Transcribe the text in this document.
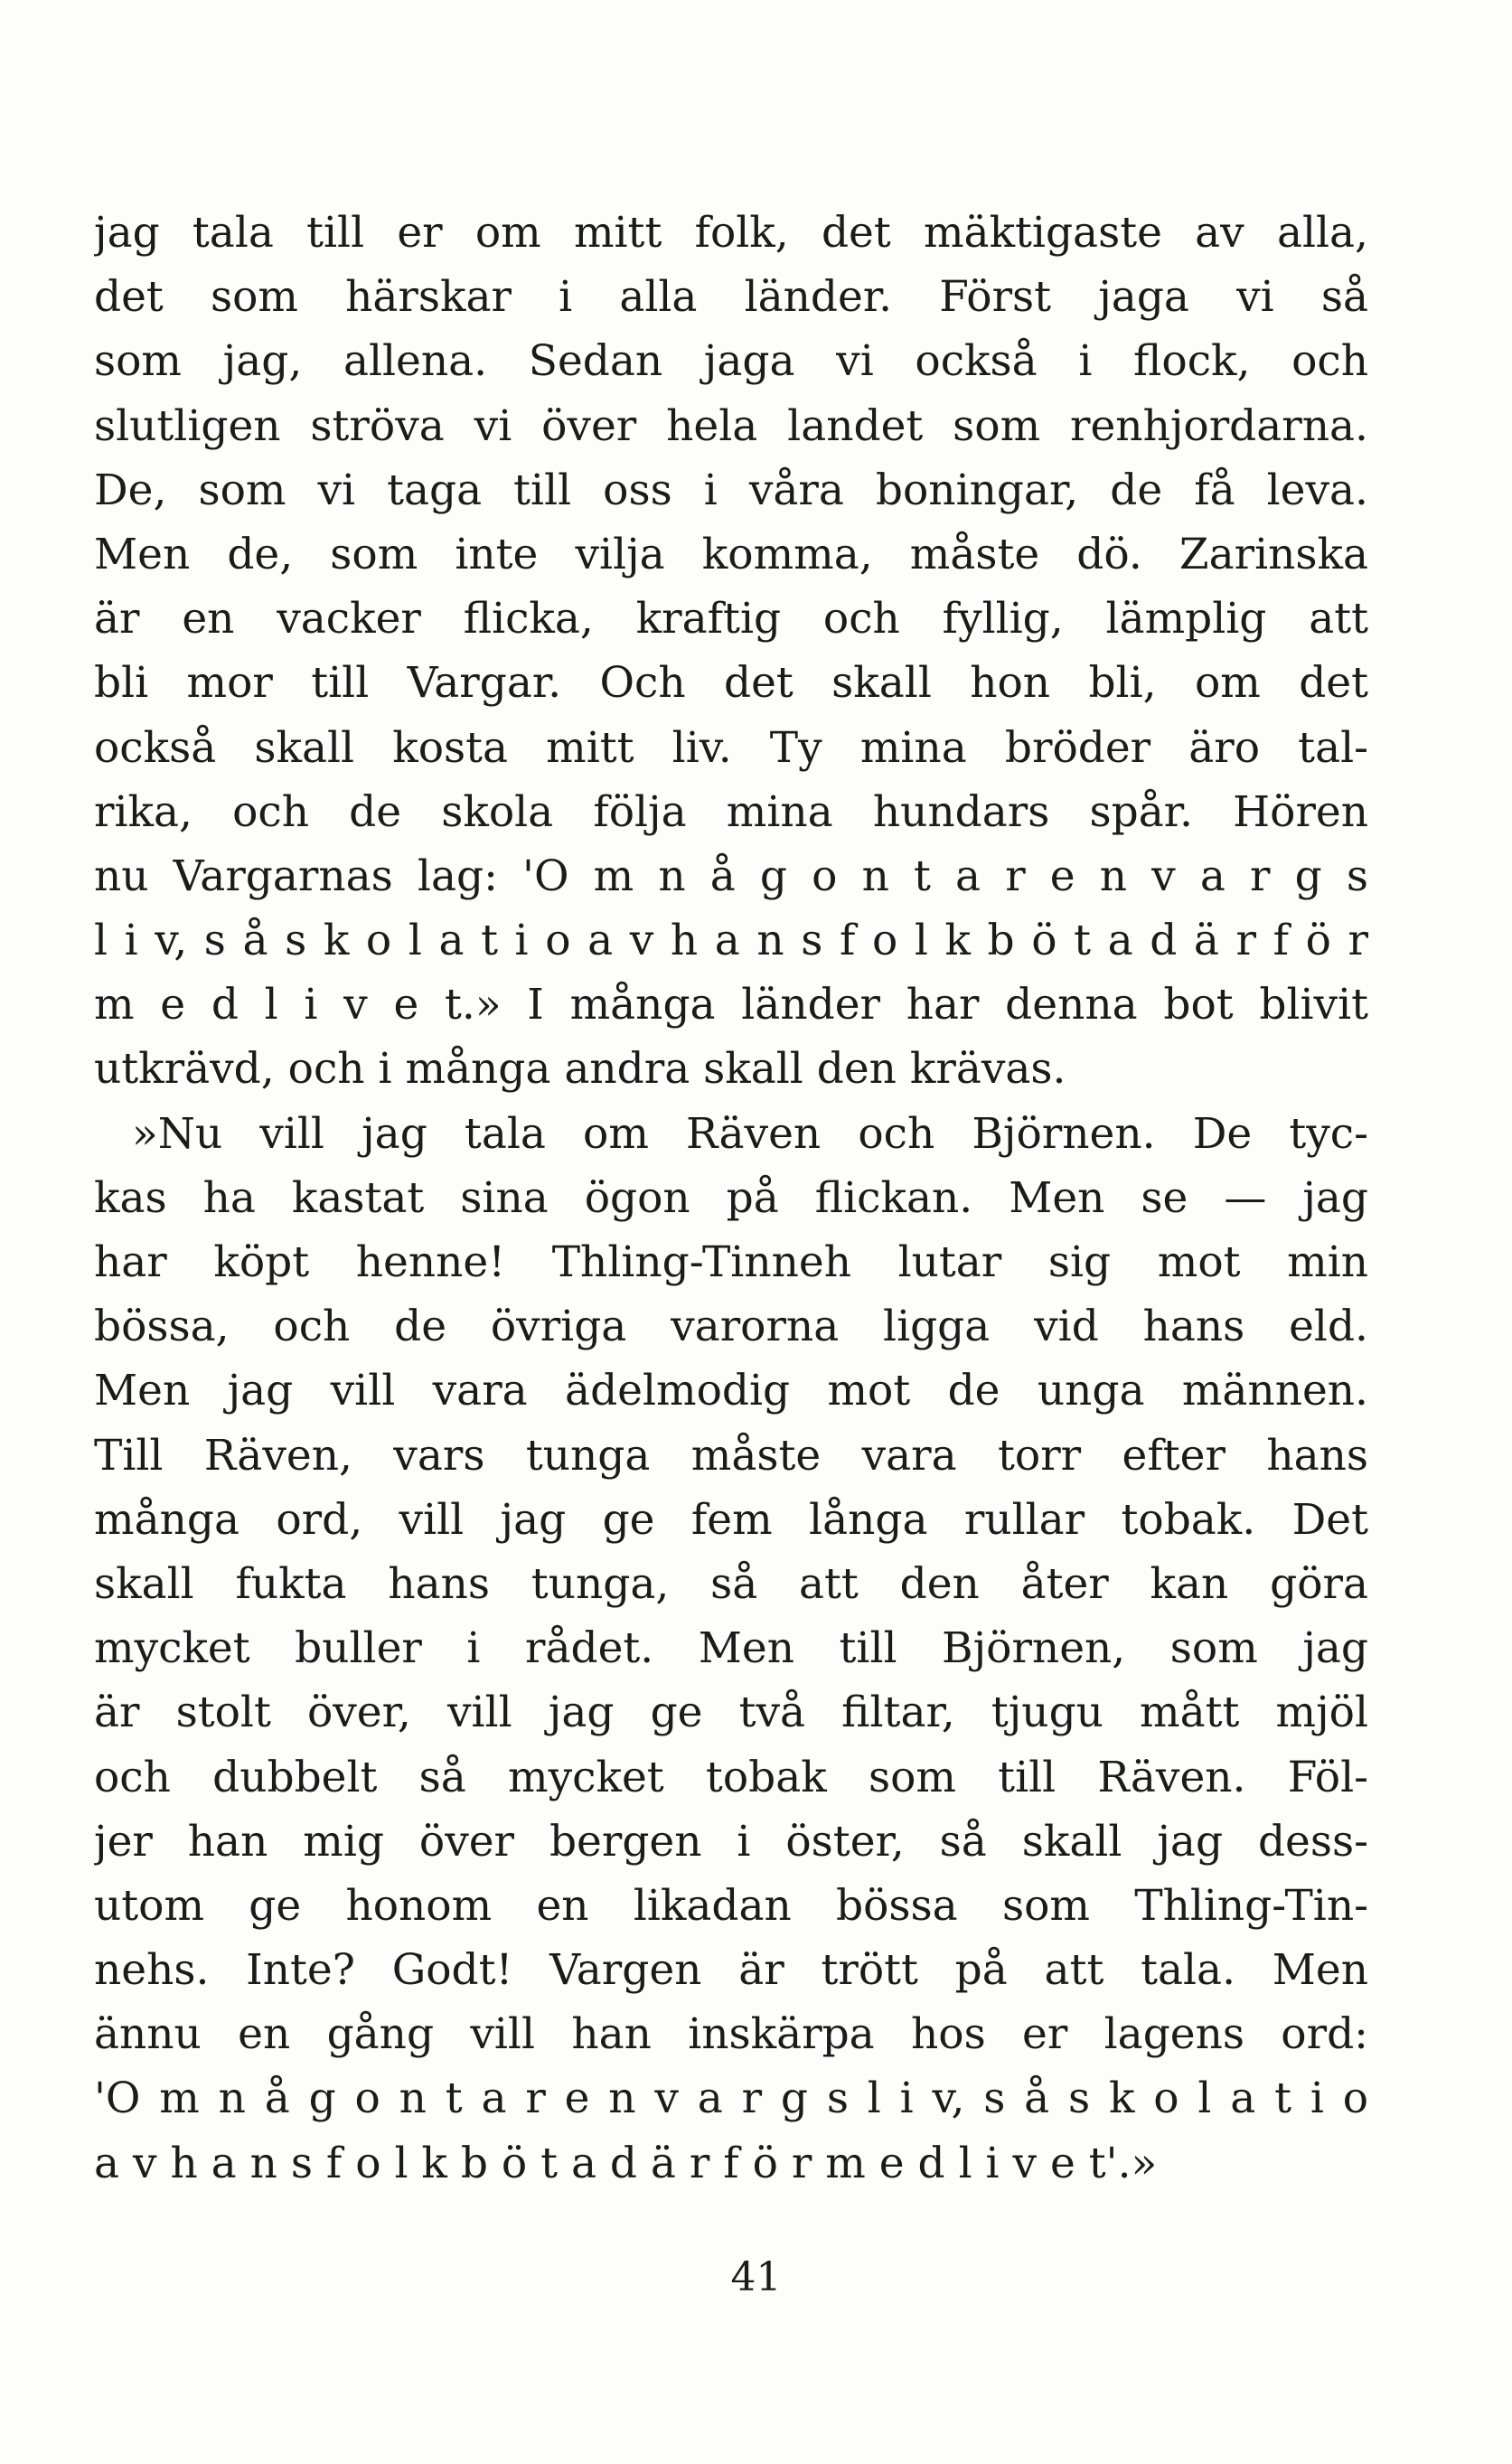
jag tala till er om mitt folk, det mäktigaste av alla,
det som härskar i alla länder. Först jaga vi så
som jag, allena. Sedan jaga vi också i flock, och
slutligen ströva vi över hela landet som renhjordarna.
De, som vi taga till oss i våra boningar, de få leva.
Men de, som inte vilja komma, måste dö. Zarinska
är en vacker flicka, kraftig och fyllig, lämplig att
bli mor till Vargar. Och det skall hon bli, om det
också skall kosta mitt liv. Ty mina bröder äro tal-
rika, och de skola följa mina hundars spår. Hören
nu Vargarnas lag: 'O m n å g o n t a r e n v a r g s
l i v, s å s k o l a t i o a v h a n s f o l k b ö t a d ä r f ö r
m e d l i v e t.» I många länder har denna bot blivit
utkrävd, och i många andra skall den krävas.
»Nu vill jag tala om Räven och Björnen. De tyc-
kas ha kastat sina ögon på flickan. Men se — jag
har köpt henne! Thling-Tinneh lutar sig mot min
bössa, och de övriga varorna ligga vid hans eld.
Men jag vill vara ädelmodig mot de unga männen.
Till Räven, vars tunga måste vara torr efter hans
många ord, vill jag ge fem långa rullar tobak. Det
skall fukta hans tunga, så att den åter kan göra
mycket buller i rådet. Men till Björnen, som jag
är stolt över, vill jag ge två filtar, tjugu mått mjöl
och dubbelt så mycket tobak som till Räven. Föl-
jer han mig över bergen i öster, så skall jag dess-
utom ge honom en likadan bössa som Thling-Tin-
nehs. Inte? Godt! Vargen är trött på att tala. Men
ännu en gång vill han inskärpa hos er lagens ord:
'O m n å g o n t a r e n v a r g s l i v, s å s k o l a t i o
a v h a n s f o l k b ö t a d ä r f ö r m e d l i v e t'.»
41
